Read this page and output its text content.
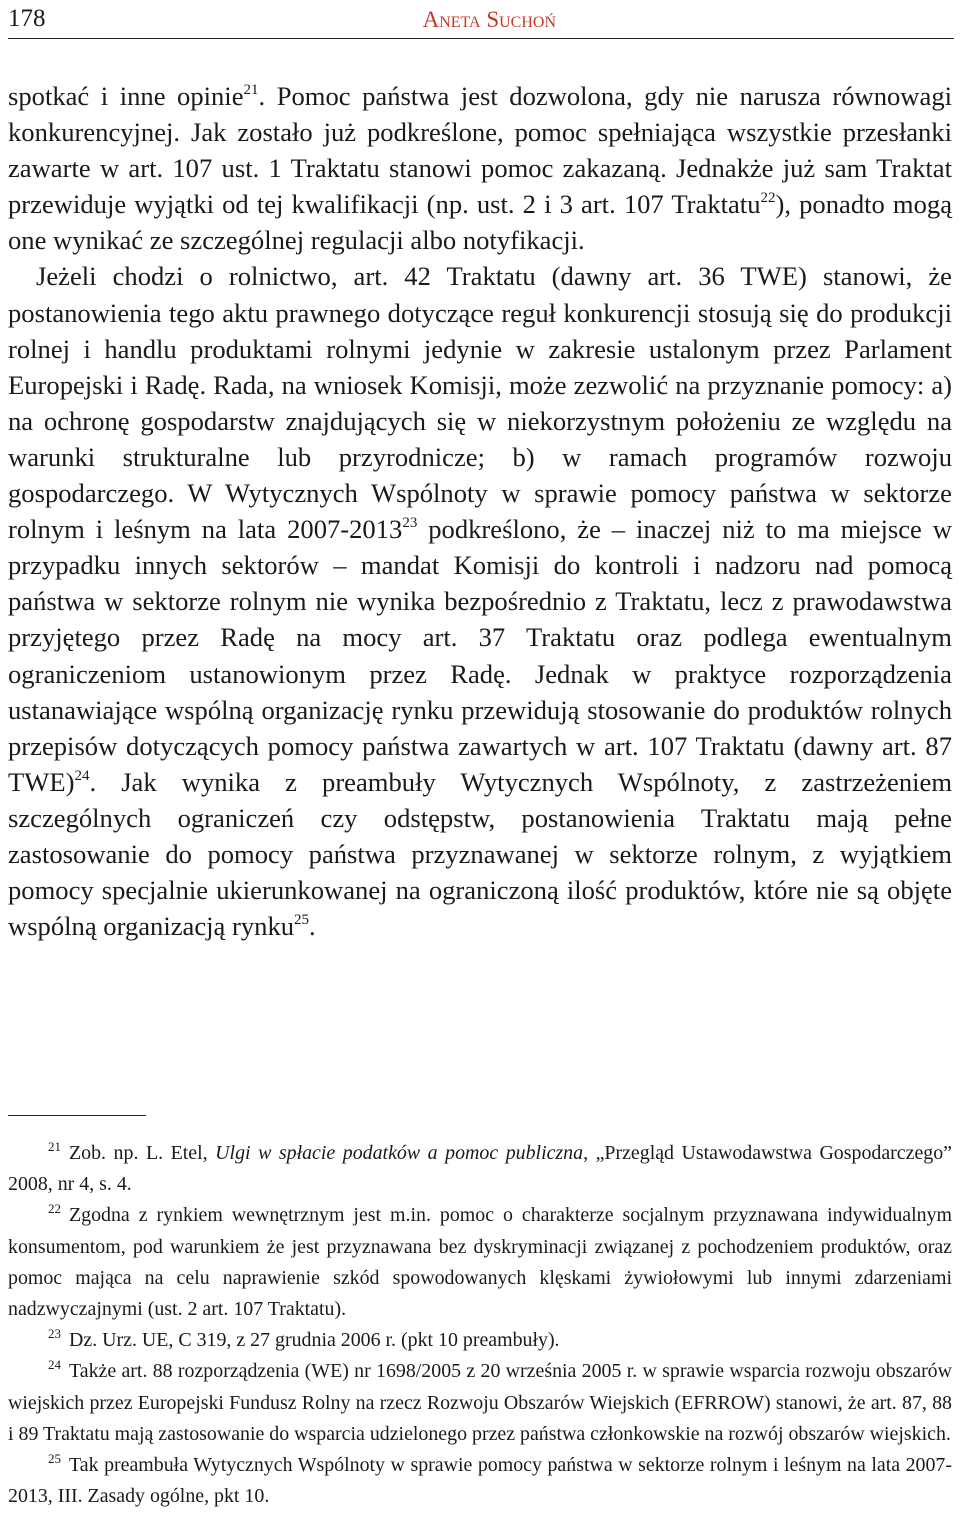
178	Aneta Suchoń

spotkać i inne opinie$^{21}$. Pomoc państwa jest dozwolona, gdy nie narusza równowagi konkurencyjnej. Jak zostało już podkreślone, pomoc spełniająca wszystkie przesłanki zawarte w art. 107 ust. 1 Traktatu stanowi pomoc zakazaną. Jednakże już sam Traktat przewiduje wyjątki od tej kwalifikacji (np. ust. 2 i 3 art. 107 Traktatu$^{22}$), ponadto mogą one wynikać ze szczególnej regulacji albo notyfikacji.

Jeżeli chodzi o rolnictwo, art. 42 Traktatu (dawny art. 36 TWE) stanowi, że postanowienia tego aktu prawnego dotyczące reguł konkurencji stosują się do produkcji rolnej i handlu produktami rolnymi jedynie w zakresie ustalonym przez Parlament Europejski i Radę. Rada, na wniosek Komisji, może zezwolić na przyznanie pomocy: a) na ochronę gospodarstw znajdujących się w niekorzystnym położeniu ze względu na warunki strukturalne lub przyrodnicze; b) w ramach programów rozwoju gospodarczego. W Wytycznych Wspólnoty w sprawie pomocy państwa w sektorze rolnym i leśnym na lata 2007-2013$^{23}$ podkreślono, że – inaczej niż to ma miejsce w przypadku innych sektorów – mandat Komisji do kontroli i nadzoru nad pomocą państwa w sektorze rolnym nie wynika bezpośrednio z Traktatu, lecz z prawodawstwa przyjętego przez Radę na mocy art. 37 Traktatu oraz podlega ewentualnym ograniczeniom ustanowionym przez Radę. Jednak w praktyce rozporządzenia ustanawiające wspólną organizację rynku przewidują stosowanie do produktów rolnych przepisów dotyczących pomocy państwa zawartych w art. 107 Traktatu (dawny art. 87 TWE)$^{24}$. Jak wynika z preambuły Wytycznych Wspólnoty, z zastrzeżeniem szczególnych ograniczeń czy odstępstw, postanowienia Traktatu mają pełne zastosowanie do pomocy państwa przyznawanej w sektorze rolnym, z wyjątkiem pomocy specjalnie ukierunkowanej na ograniczoną ilość produktów, które nie są objęte wspólną organizacją rynku$^{25}$.

$^{21}$ Zob. np. L. Etel, Ulgi w spłacie podatków a pomoc publiczna, „Przegląd Ustawodawstwa Gospodarczego” 2008, nr 4, s. 4.

$^{22}$ Zgodna z rynkiem wewnętrznym jest m.in. pomoc o charakterze socjalnym przyznawana indywidualnym konsumentom, pod warunkiem że jest przyznawana bez dyskryminacji związanej z pochodzeniem produktów, oraz pomoc mająca na celu naprawienie szkód spowodowanych klęskami żywiołowymi lub innymi zdarzeniami nadzwyczajnymi (ust. 2 art. 107 Traktatu).

$^{23}$ Dz. Urz. UE, C 319, z 27 grudnia 2006 r. (pkt 10 preambuły).

$^{24}$ Także art. 88 rozporządzenia (WE) nr 1698/2005 z 20 września 2005 r. w sprawie wsparcia rozwoju obszarów wiejskich przez Europejski Fundusz Rolny na rzecz Rozwoju Obszarów Wiejskich (EFRROW) stanowi, że art. 87, 88 i 89 Traktatu mają zastosowanie do wsparcia udzielonego przez państwa członkowskie na rozwój obszarów wiejskich.

$^{25}$ Tak preambuła Wytycznych Wspólnoty w sprawie pomocy państwa w sektorze rolnym i leśnym na lata 2007-2013, III. Zasady ogólne, pkt 10.
